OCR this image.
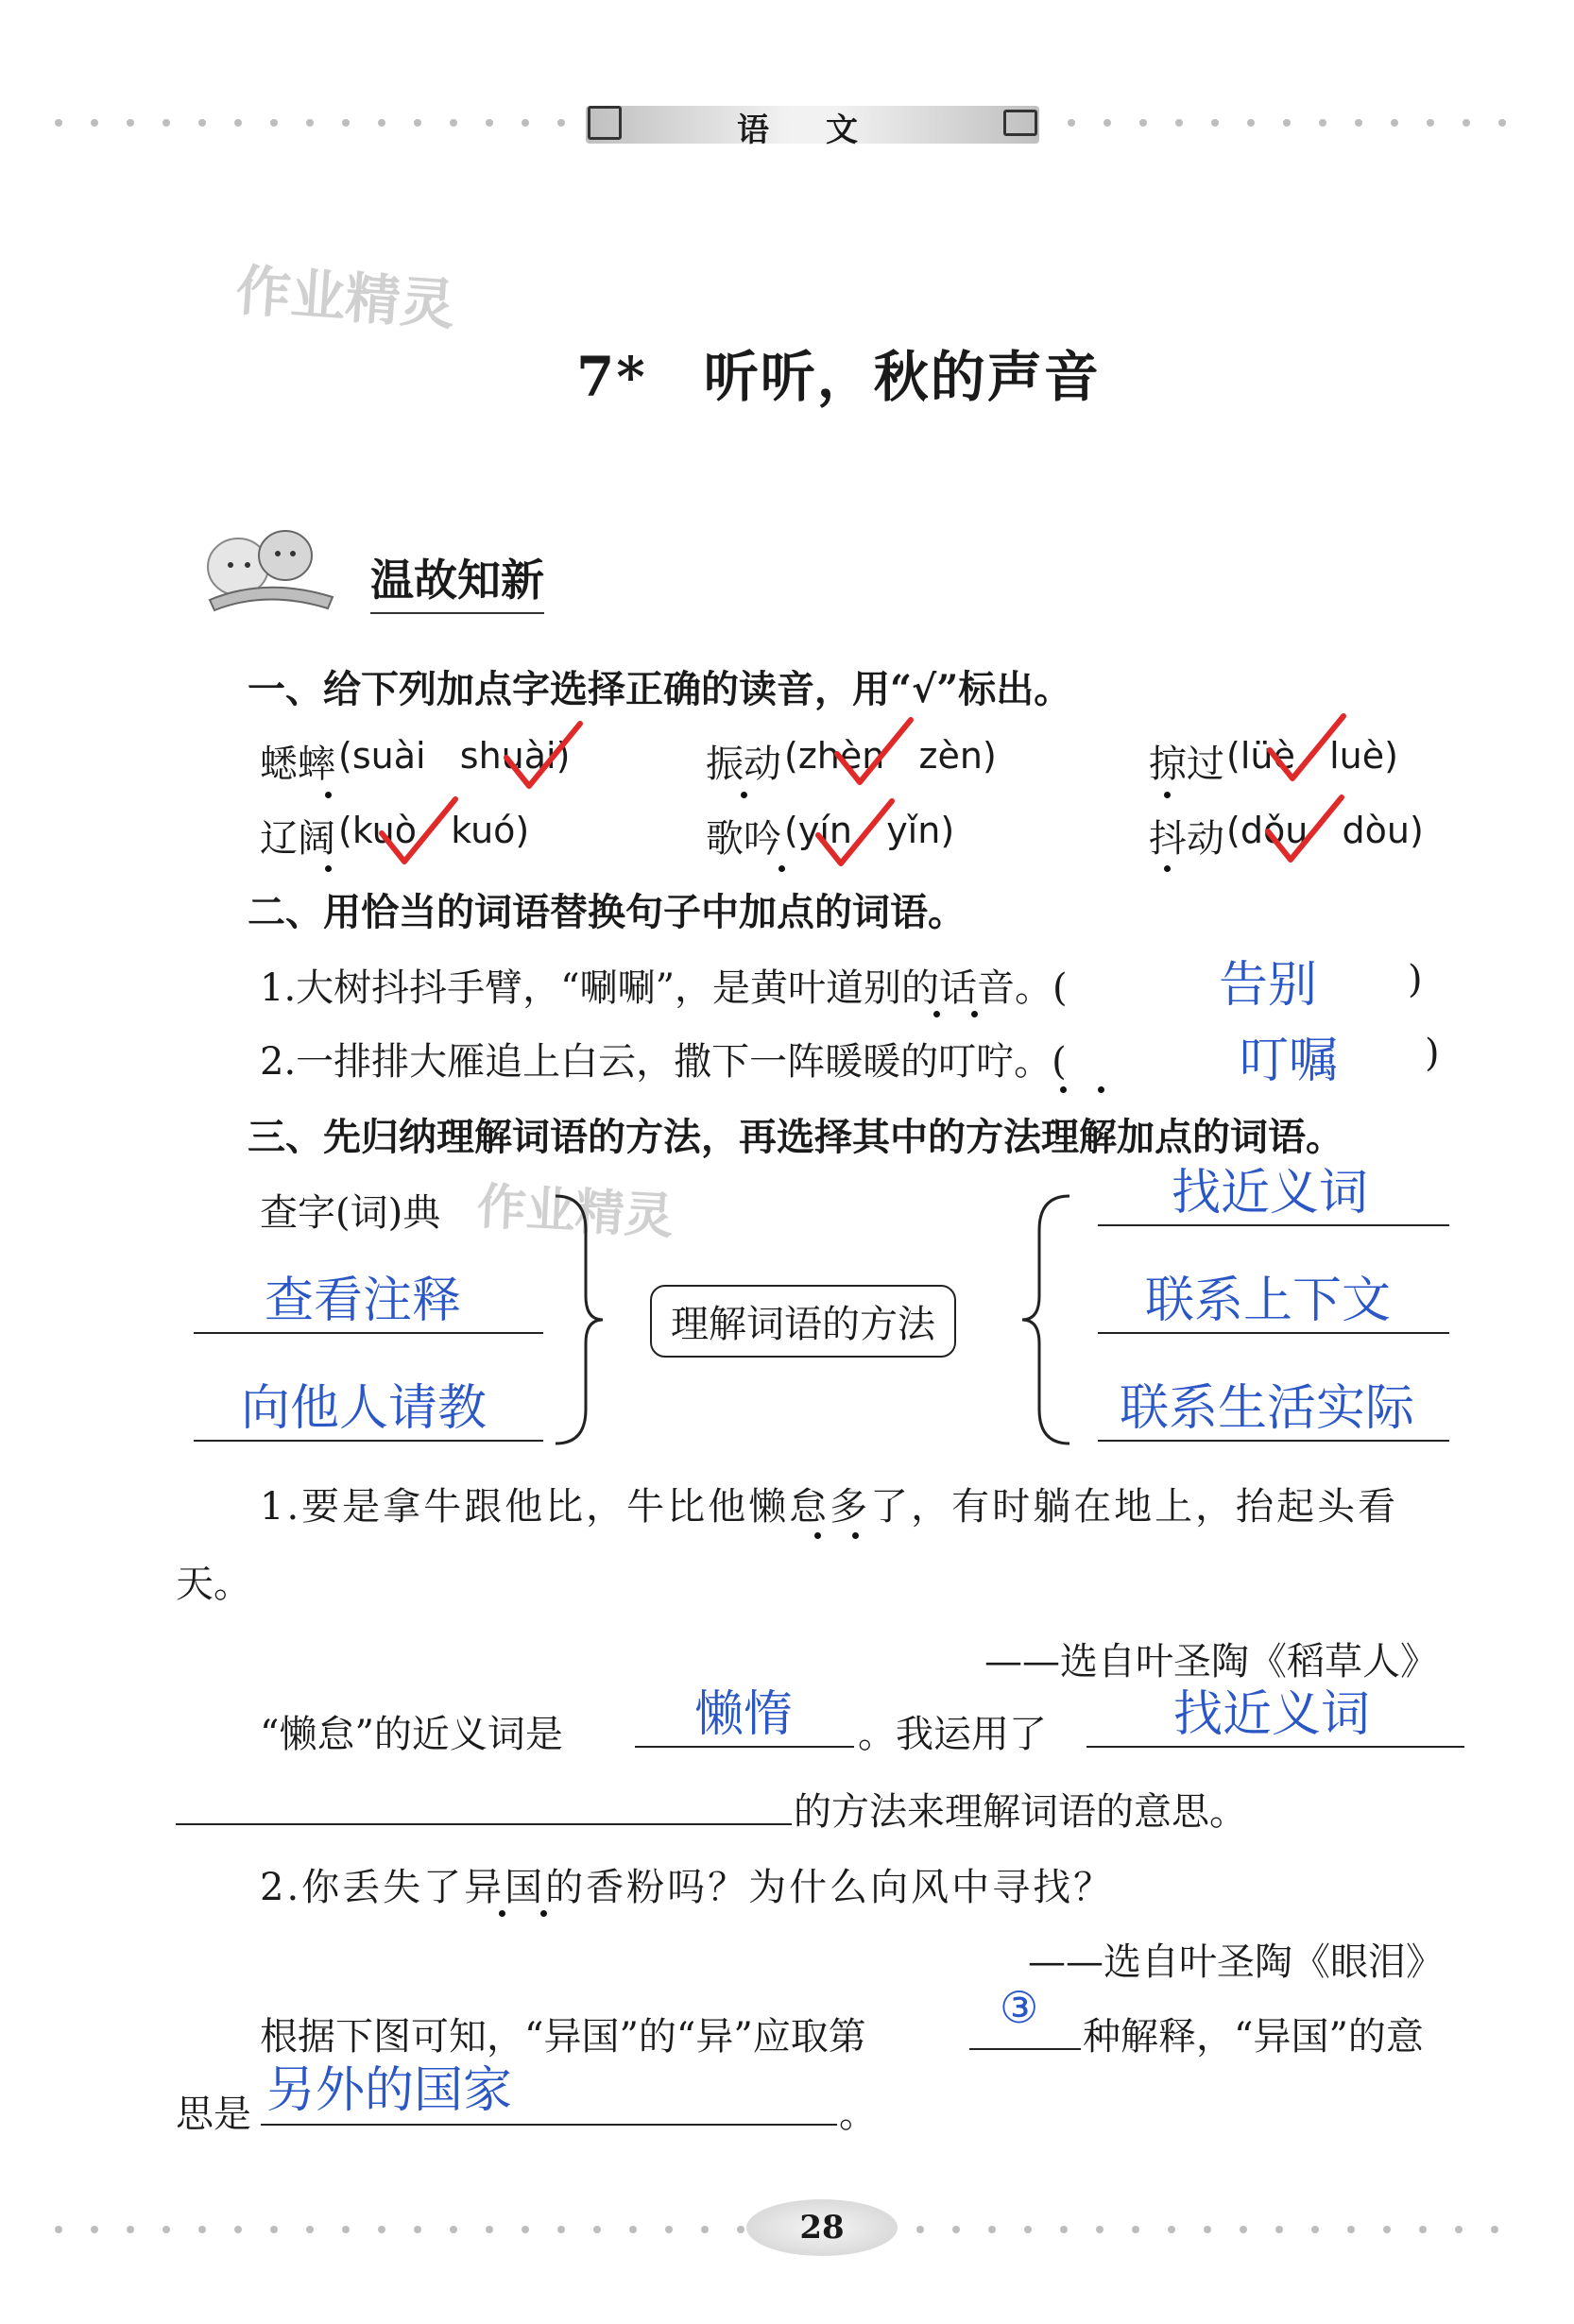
语文
作业精灵
7*　听听，秋的声音
温故知新
一、给下列加点字选择正确的读音，用“√”标出。
蟋蟀 (suài   shuài)	振动 (zhèn   zèn)	掠过 (lüè   luè)
辽阔 (kuò   kuó)	歌吟 (yín   yǐn)	抖动 (dǒu   dòu)
二、用恰当的词语替换句子中加点的词语。
1.大树抖抖手臂，“唰唰”，是黄叶道别的话音。(	告别 )
2.一排排大雁追上白云，撒下一阵暖暖的叮咛。(	叮嘱 )
三、先归纳理解词语的方法，再选择其中的方法理解加点的词语。
查字(词)典 作业精灵
查看注释
向他人请教
理解词语的方法
找近义词
联系上下文
联系生活实际
1.要是拿牛跟他比，牛比他懒怠多了，有时躺在地上，抬起头看
天。
——选自叶圣陶《稻草人》
“懒怠”的近义词是	懒惰 。我运用了	找近义词
的方法来理解词语的意思。
2.你丢失了异国的香粉吗？为什么向风中寻找？
——选自叶圣陶《眼泪》
根据下图可知，“异国”的“异”应取第
③
种解释，“异国”的意
思是 另外的国家	。
28
